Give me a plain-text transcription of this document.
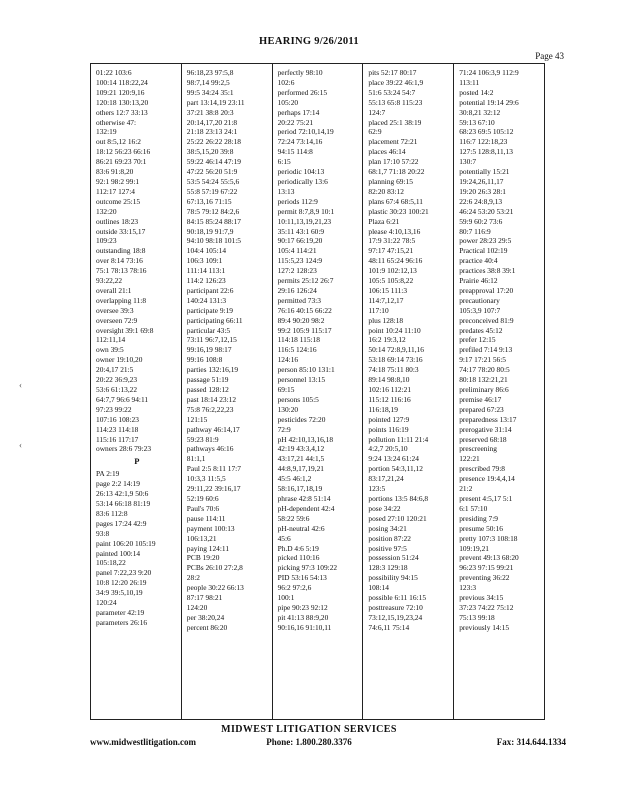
HEARING 9/26/2011
Page 43
‹
‹
01:22 103:6
100:14 118:22,24
109:21 120:9,16
120:18 130:13,20
others 12:7 33:13
otherwise 47:
132:19
out 8:5,12 16:2
18:12 56:23 66:16
86:21 69:23 70:1
83:6 91:8,20
92:1 98:2 99:1
112:17 127:4
outcome 25:15
132:20
outlines 18:23
outside 33:15,17
109:23
outstanding 18:8
over 8:14 73:16
75:1 78:13 78:16
93:22,22
overall 21:1
overlapping 11:8
oversee 39:3
overseen 72:9
oversight 39:1 69:8
112:11,14
own 39:5
owner 19:10,20
20:4,17 21:5
20:22 36:9,23
53:6 61:13,22
64:7,7 96:6 94:11
97:23 99:22
107:16 108:23
114:23 114:18
115:16 117:17
owners 28:6 79:23
P
PA 2:19
page 2:2 14:19
26:13 42:1,9 50:6
53:14 66:18 81:19
83:6 112:8
pages 17:24 42:9
93:8
paint 106:20 105:19
painted 100:14
105:18,22
panel 7:22,23 9:20
10:8 12:20 26:19
34:9 39:5,10,19
120:24
parameter 42:19
parameters 26:16
96:18,23 97:5,8
98:7,14 99:2,5
99:5 34:24 35:1
part 13:14,19 23:11
37:21 38:8 20:3
20:14,17,20 21:8
21:18 23:13 24:1
25:22 26:22 28:18
38:5,15,20 39:8
59:22 46:14 47:19
47:22 56:20 51:9
53:5 54:24 55:5,6
55:8 57:19 67:22
67:13,16 71:15
78:5 79:12 84:2,6
84:15 85:24 88:17
90:18,19 91:7,9
94:10 98:18 101:5
104:4 105:14
106:3 109:1
111:14 113:1
114:2 126:23
participant 22:6
140:24 131:3
participate 9:19
participating 66:11
particular 43:5
73:11 96:7,12,15
99:16,19 98:17
99:16 108:8
parties 132:16,19
passage 51:19
passed 128:12
past 18:14 23:12
75:8 76:2,22,23
121:15
pathway 46:14,17
59:23 81:9
pathways 46:16
81:1,1
Paul 2:5 8:11 17:7
10:3,3 11:5,5
29:11,22 39:16,17
52:19 60:6
Paul's 70:6
pause 114:11
payment 100:13
106:13,21
paying 124:11
PCB 19:20
PCBs 26:10 27:2,8
28:2
people 30:22 66:13
87:17 98:21
124:20
per 38:20,24
percent 86:20
perfectly 98:10
102:6
performed 26:15
105:20
perhaps 17:14
20:22 75:21
period 72:10,14,19
72:24 73:14,16
94:15 114:8
6:15
periodic 104:13
periodically 13:6
13:13
periods 112:9
permit 8:7,8,9 10:1
10:11,13,19,21,23
35:11 43:1 60:9
90:17 66:19,20
105:4 114:21
115:5,23 124:9
127:2 128:23
permits 25:12 26:7
29:16 126:24
permitted 73:3
76:16 40:15 66:22
89:4 90:20 98:2
99:2 105:9 115:17
114:18 115:18
116:5 124:16
124:16
person 85:10 131:1
personnel 13:15
69:15
persons 105:5
130:20
pesticides 72:20
72:9
pH 42:10,13,16,18
42:19 43:3,4,12
43:17,21 44:1,5
44:8,9,17,19,21
45:5 46:1,2
58:16,17,18,19
phrase 42:8 51:14
pH-dependent 42:4
58:22 59:6
pH-neutral 42:6
45:6
Ph.D 4:6 5:19
picked 110:16
picking 97:3 109:22
PID 53:16 54:13
96:2 97:2,6
100:1
pipe 90:23 92:12
pit 41:13 88:9,20
90:16,16 91:10,11
pits 52:17 80:17
place 39:22 46:1,9
51:6 53:24 54:7
55:13 65:8 115:23
124:7
placed 25:1 38:19
62:9
placement 72:21
places 46:14
plan 17:10 57:22
68:1,7 71:18 20:22
planning 69:15
82:20 83:12
plans 67:4 68:5,11
plastic 30:23 100:21
Plaza 6:21
please 4:10,13,16
17:9 31:22 78:5
97:17 47:15,21
48:11 65:24 96:16
101:9 102:12,13
105:5 105:8,22
106:15 111:3
114:7,12,17
117:10
plus 128:18
point 10:24 11:10
16:2 19:3,12
50:14 72:8,9,11,16
53:18 69:14 73:16
74:18 75:11 80:3
89:14 98:8,10
102:16 112:21
115:12 116:16
116:18,19
pointed 127:9
points 116:19
pollution 11:11 21:4
4:2,7 20:5,10
9:24 13:24 61:24
portion 54:3,11,12
83:17,21,24
123:5
portions 13:5 84:6,8
pose 34:22
posed 27:10 120:21
posing 34:21
position 87:22
positive 97:5
possession 51:24
128:3 129:18
possibility 94:15
108:14
possible 6:11 16:15
posttreasure 72:10
73:12,15,19,23,24
74:6,11 75:14
71:24 106:3,9 112:9
113:11
posted 14:2
potential 19:14 29:6
30:8,21 32:12
59:13 67:10
68:23 69:5 105:12
116:7 122:18,23
127:5 128:8,11,13
130:7
potentially 15:21
19:24,26,11,17
19:20 26:3 28:1
22:6 24:8,9,13
46:24 53:20 53:21
59:9 60:2 73:6
80:7 116:9
power 28:23 29:5
Practical 102:19
practice 40:4
practices 38:8 39:1
Prairie 46:12
preapproval 17:20
precautionary
105:3,9 107:7
preconceived 81:9
predates 45:12
prefer 12:15
prefiled 7:14 9:13
9:17 17:21 56:5
74:17 78:20 80:5
80:18 132:21,21
preliminary 86:6
premise 46:17
prepared 67:23
preparedness 13:17
prerogative 31:14
preserved 68:18
prescreening
122:21
prescribed 79:8
presence 19:4,4,14
21:2
present 4:5,17 5:1
6:1 57:10
presiding 7:9
presume 50:16
pretty 107:3 108:18
109:19,21
prevent 49:13 68:20
96:23 97:15 99:21
preventing 36:22
123:3
previous 34:15
37:23 74:22 75:12
75:13 99:18
previously 14:15
MIDWEST LITIGATION SERVICES
www.midwestlitigation.com	Phone: 1.800.280.3376	Fax: 314.644.1334
